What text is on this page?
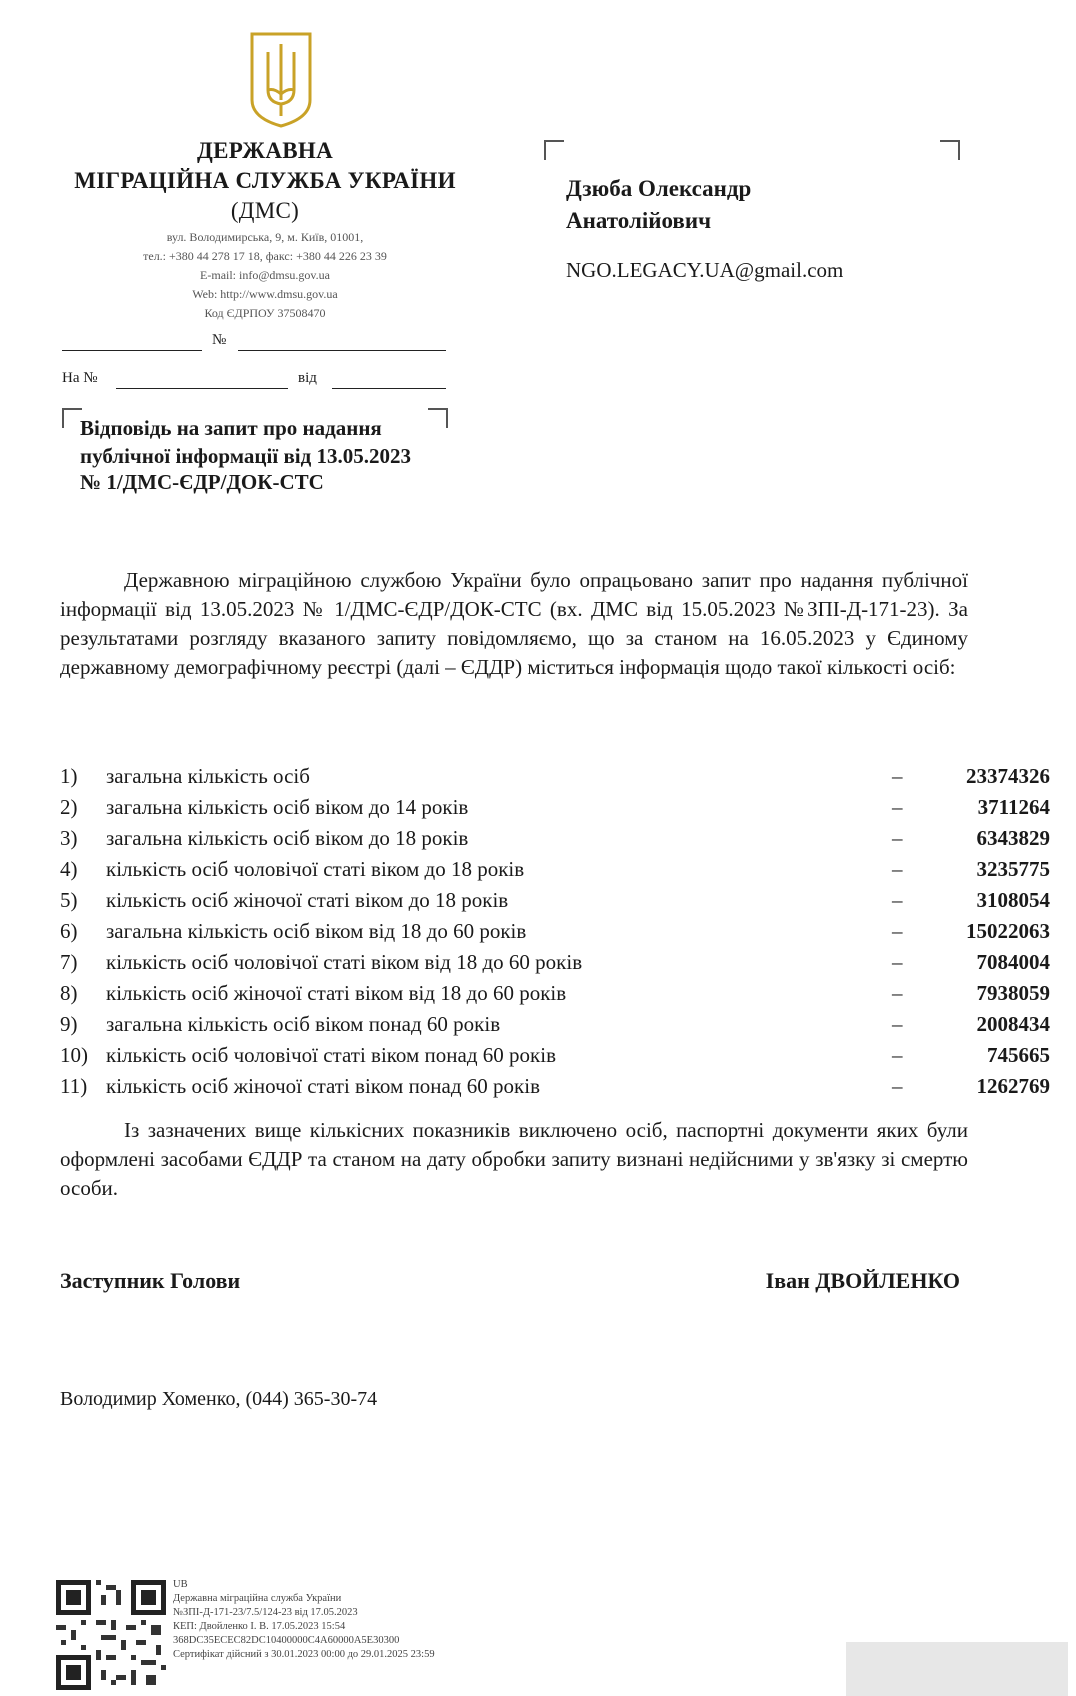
ДЕРЖАВНА
МІГРАЦІЙНА СЛУЖБА УКРАЇНИ
(ДМС)
вул. Володимирська, 9, м. Київ, 01001,
тел.: +380 44 278 17 18, факс: +380 44 226 23 39
E-mail: info@dmsu.gov.ua
Web: http://www.dmsu.gov.ua
Код ЄДРПОУ 37508470
№
На №	від
Дзюба Олександр
Анатолійович
NGO.LEGACY.UA@gmail.com
Відповідь на запит про надання
публічної інформації від 13.05.2023
№ 1/ДМС-ЄДР/ДОК-СТС
Державною міграційною службою України було опрацьовано запит про надання публічної інформації від 13.05.2023 № 1/ДМС-ЄДР/ДОК-СТС (вх. ДМС від 15.05.2023 №ЗПІ-Д-171-23). За результатами розгляду вказаного запиту повідомляємо, що за станом на 16.05.2023 у Єдиному державному демографічному реєстрі (далі – ЄДДР) міститься інформація щодо такої кількості осіб:
1) загальна кількість осіб	–	23374326
2) загальна кількість осіб віком до 14 років	–	3711264
3) загальна кількість осіб віком до 18 років	–	6343829
4) кількість осіб чоловічої статі віком до 18 років	–	3235775
5) кількість осіб жіночої статі віком до 18 років	–	3108054
6) загальна кількість осіб віком від 18 до 60 років	–	15022063
7) кількість осіб чоловічої статі віком від 18 до 60 років	–	7084004
8) кількість осіб жіночої статі віком від 18 до 60 років	–	7938059
9) загальна кількість осіб віком понад 60 років	–	2008434
10) кількість осіб чоловічої статі віком понад 60 років	–	745665
11) кількість осіб жіночої статі віком понад 60 років	–	1262769
Із зазначених вище кількісних показників виключено осіб, паспортні документи яких були оформлені засобами ЄДДР та станом на дату обробки запиту визнані недійсними у зв'язку зі смертю особи.
Заступник Голови	Іван ДВОЙЛЕНКО
Володимир Хоменко, (044) 365-30-74
UB
Державна міграційна служба України
№ЗПІ-Д-171-23/7.5/124-23 від 17.05.2023
КЕП: Двойленко І. В. 17.05.2023 15:54
368DC35ECEC82DC10400000C4A60000A5E30300
Сертифікат дійсний з 30.01.2023 00:00 до 29.01.2025 23:59
